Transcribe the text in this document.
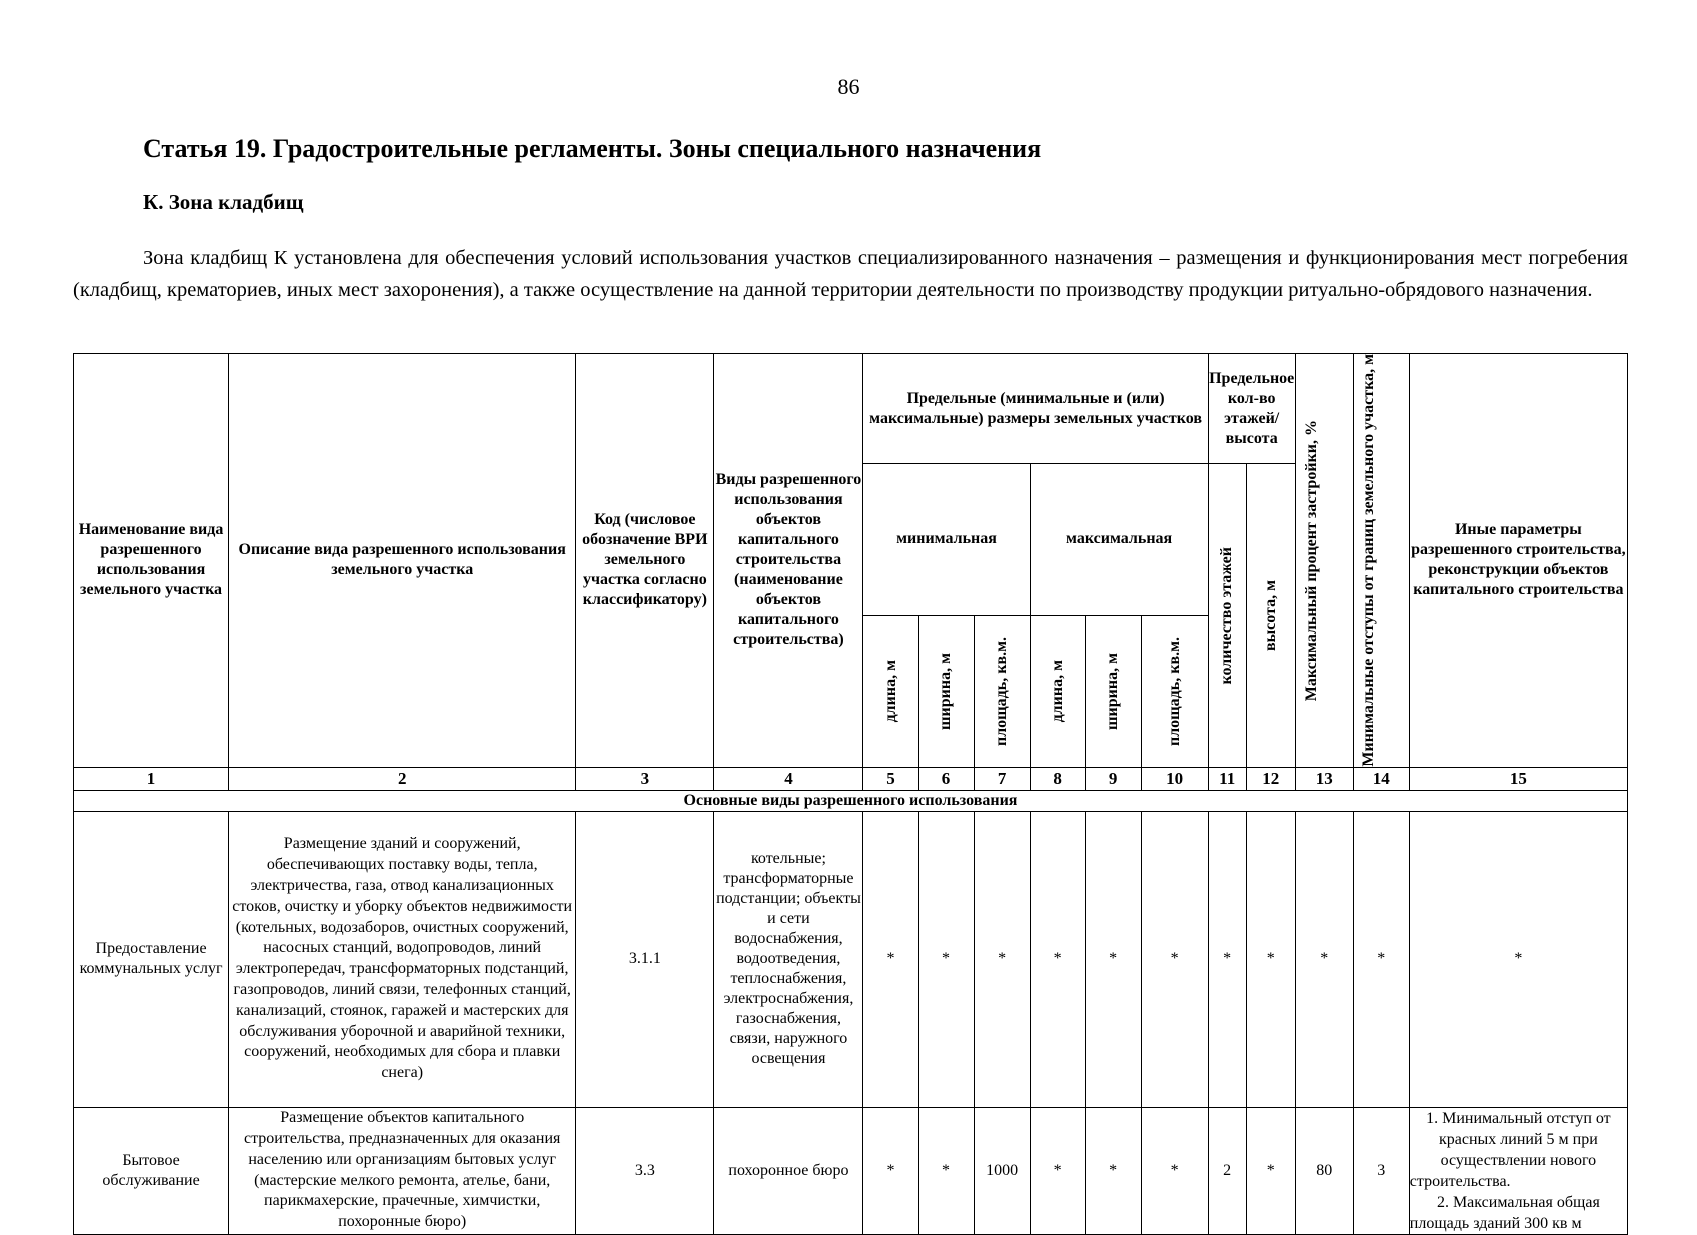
86
Статья 19. Градостроительные регламенты. Зоны специального назначения
К. Зона кладбищ

Зона кладбищ К установлена для обеспечения условий использования участков специализированного назначения – размещения и функционирования мест погребения (кладбищ, крематориев, иных мест захоронения), а также осуществление на данной территории деятельности по производству продукции ритуально-обрядового назначения.

Наименование вида разрешенного использования земельного участка	Описание вида разрешенного использования земельного участка	Код (числовое обозначение ВРИ земельного участка согласно классификатору)	Виды разрешенного использования объектов капитального строительства (наименование объектов капитального строительства)	Предельные (минимальные и (или) максимальные) размеры земельных участков						Предельное кол-во этажей/ высота		Максимальный процент застройки, %	Минимальные отступы от границ земельного участка, м	Иные параметры разрешенного строительства, реконструкции объектов капитального строительства
				минимальная			максимальная			количество этажей	высота, м			

				длина, м	ширина, м	площадь, кв.м.	длина, м	ширина, м	площадь, кв.м.					

1	2	3	4	5	6	7	8	9	10	11	12	13	14	15
Основные виды разрешенного использования														
Предоставление коммунальных услуг	Размещение зданий и сооружений, обеспечивающих поставку воды, тепла, электричества, газа, отвод канализационных стоков, очистку и уборку объектов недвижимости (котельных, водозаборов, очистных сооружений, насосных станций, водопроводов, линий электропередач, трансформаторных подстанций, газопроводов, линий связи, телефонных станций, канализаций, стоянок, гаражей и мастерских для обслуживания уборочной и аварийной техники, сооружений, необходимых для сбора и плавки снега)	3.1.1	котельные; трансформаторные подстанции; объекты и сети водоснабжения, водоотведения, теплоснабжения, электроснабжения, газоснабжения, связи, наружного освещения	*	*	*	*	*	*	*	*	*	*	*
Бытовое обслуживание	Размещение объектов капитального строительства, предназначенных для оказания населению или организациям бытовых услуг (мастерские мелкого ремонта, ателье, бани, парикмахерские, прачечные, химчистки, похоронные бюро)	3.3	похоронное бюро	*	*	1000	*	*	*	2	*	80	3	1. Минимальный отступ от красных линий 5 м при осуществлении нового строительства.
2. Максимальная общая площадь зданий 300 кв м
